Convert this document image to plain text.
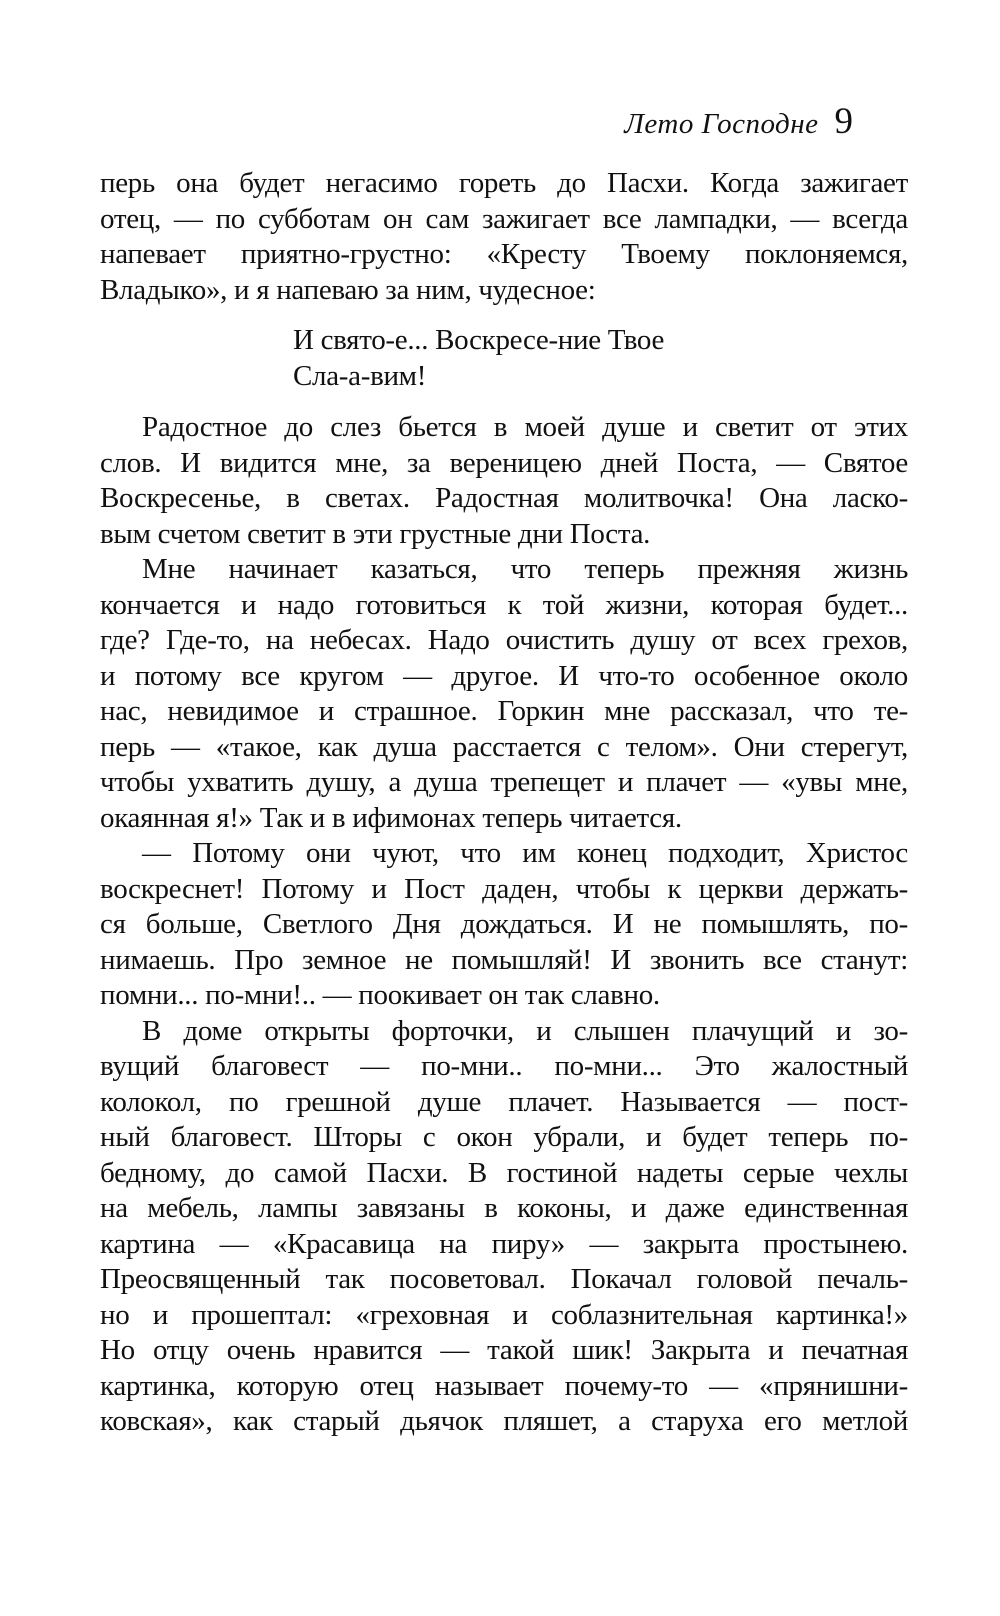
Лето Господне 9

перь она будет негасимо гореть до Пасхи. Когда зажигает
отец, — по субботам он сам зажигает все лампадки, — всегда
напевает приятно-грустно: «Кресту Твоему поклоняемся,
Владыко», и я напеваю за ним, чудесное:

И свято-е... Воскресе-ние Твое
Сла-а-вим!

Радостное до слез бьется в моей душе и светит от этих
слов. И видится мне, за вереницею дней Поста, — Святое
Воскресенье, в светах. Радостная молитвочка! Она ласко-
вым счетом светит в эти грустные дни Поста.

Мне начинает казаться, что теперь прежняя жизнь
кончается и надо готовиться к той жизни, которая будет...
где? Где-то, на небесах. Надо очистить душу от всех грехов,
и потому все кругом — другое. И что-то особенное около
нас, невидимое и страшное. Горкин мне рассказал, что те-
перь — «такое, как душа расстается с телом». Они стерегут,
чтобы ухватить душу, а душа трепещет и плачет — «увы мне,
окаянная я!» Так и в ифимонах теперь читается.

— Потому они чуют, что им конец подходит, Христос
воскреснет! Потому и Пост даден, чтобы к церкви держать-
ся больше, Светлого Дня дождаться. И не помышлять, по-
нимаешь. Про земное не помышляй! И звонить все станут:
помни... по-мни!.. — поокивает он так славно.

В доме открыты форточки, и слышен плачущий и зо-
вущий благовест — по-мни.. по-мни... Это жалостный
колокол, по грешной душе плачет. Называется — пост-
ный благовест. Шторы с окон убрали, и будет теперь по-
бедному, до самой Пасхи. В гостиной надеты серые чехлы
на мебель, лампы завязаны в коконы, и даже единственная
картина — «Красавица на пиру» — закрыта простынею.
Преосвященный так посоветовал. Покачал головой печаль-
но и прошептал: «греховная и соблазнительная картинка!»
Но отцу очень нравится — такой шик! Закрыта и печатная
картинка, которую отец называет почему-то — «прянишни-
ковская», как старый дьячок пляшет, а старуха его метлой
